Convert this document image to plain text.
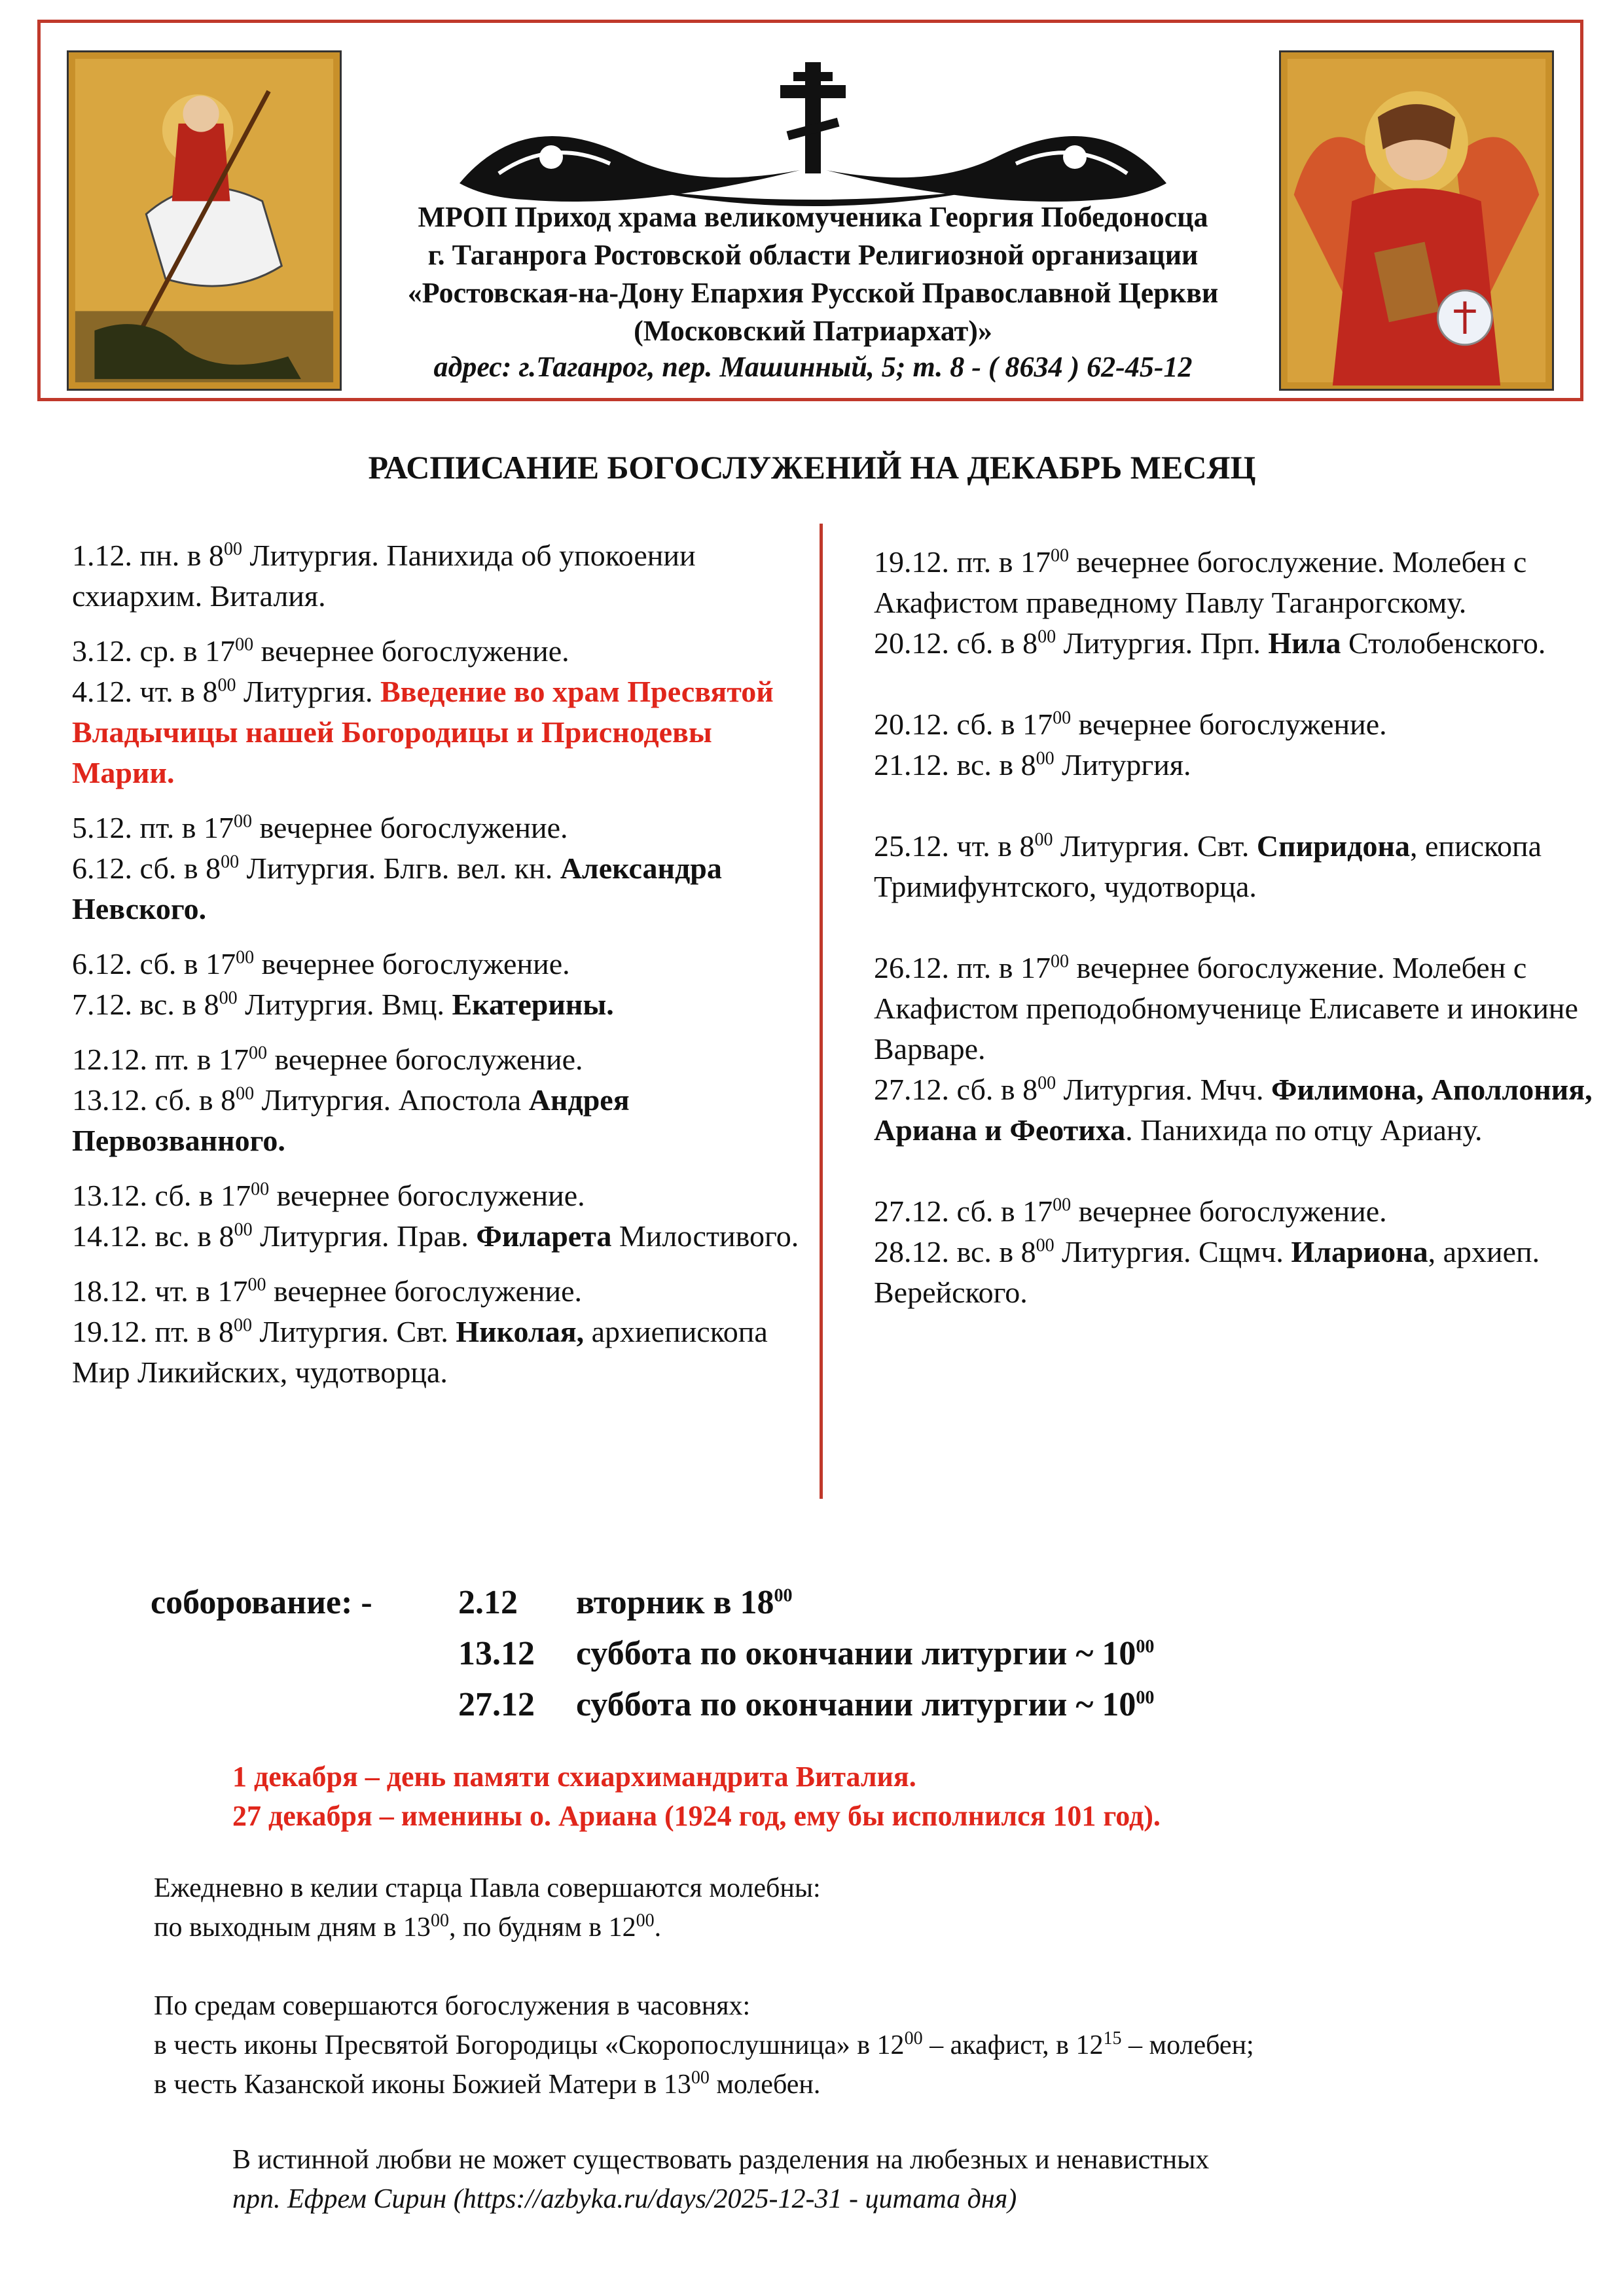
МРОП Приход храма великомученика Георгия Победоносца
г. Таганрога Ростовской области Религиозной организации
«Ростовская-на-Дону Епархия Русской Православной Церкви
(Московский Патриархат)»
адрес: г.Таганрог, пер. Машинный, 5; т. 8 - ( 8634 ) 62-45-12
РАСПИСАНИЕ БОГОСЛУЖЕНИЙ НА ДЕКАБРЬ МЕСЯЦ

1.12. пн. в $8^{00}$ Литургия. Панихида об упокоении схиархим. Виталия.

3.12. ср. в $17^{00}$ вечернее богослужение.

4.12. чт. в $8^{00}$ Литургия. Введение во храм Пресвятой Владычицы нашей Богородицы и Приснодевы Марии.

5.12. пт. в $17^{00}$ вечернее богослужение.

6.12. сб. в $8^{00}$ Литургия. Блгв. вел. кн. Александра Невского.

6.12. сб. в $17^{00}$ вечернее богослужение.

7.12. вс. в $8^{00}$ Литургия. Вмц. Екатерины.

12.12. пт. в $17^{00}$ вечернее богослужение.

13.12. сб. в $8^{00}$ Литургия. Апостола Андрея Первозванного.

13.12. сб. в $17^{00}$ вечернее богослужение.

14.12. вс. в $8^{00}$ Литургия. Прав. Филарета Милостивого.

18.12. чт. в $17^{00}$ вечернее богослужение.

19.12. пт. в $8^{00}$ Литургия. Свт. Николая, архиепископа Мир Ликийских, чудотворца.

19.12. пт. в $17^{00}$ вечернее богослужение. Молебен с Акафистом праведному Павлу Таганрогскому.

20.12. сб. в $8^{00}$ Литургия. Прп. Нила Столобенского.

20.12. сб. в $17^{00}$ вечернее богослужение.

21.12. вс. в $8^{00}$ Литургия.

25.12. чт. в $8^{00}$ Литургия. Свт. Спиридона, епископа Тримифунтского, чудотворца.

26.12. пт. в $17^{00}$ вечернее богослужение. Молебен с Акафистом преподобномученице Елисавете и инокине Варваре.

27.12. сб. в $8^{00}$ Литургия. Мчч. Филимона, Аполлония, Ариана и Феотиха. Панихида по отцу Ариану.

27.12. сб. в $17^{00}$ вечернее богослужение.

28.12. вс. в $8^{00}$ Литургия. Сщмч. Илариона, архиеп. Верейского.

соборование: -	2.12
13.12
27.12
вторник в $18^{00}$
суббота по окончании литургии ~ $10^{00}$
суббота по окончании литургии ~ $10^{00}$
1 декабря – день памяти схиархимандрита Виталия.
27 декабря – именины о. Ариана (1924 год, ему бы исполнился 101 год).
Ежедневно в келии старца Павла совершаются молебны:
по выходным дням в $13^{00}$, по будням в $12^{00}$.
По средам совершаются богослужения в часовнях:
в честь иконы Пресвятой Богородицы «Скоропослушница» в $12^{00}$ – акафист, в $12^{15}$ – молебен;
в честь Казанской иконы Божией Матери в $13^{00}$ молебен.
В истинной любви не может существовать разделения на любезных и ненавистных
прп. Ефрем Сирин (https://azbyka.ru/days/2025-12-31 - цитата дня)
